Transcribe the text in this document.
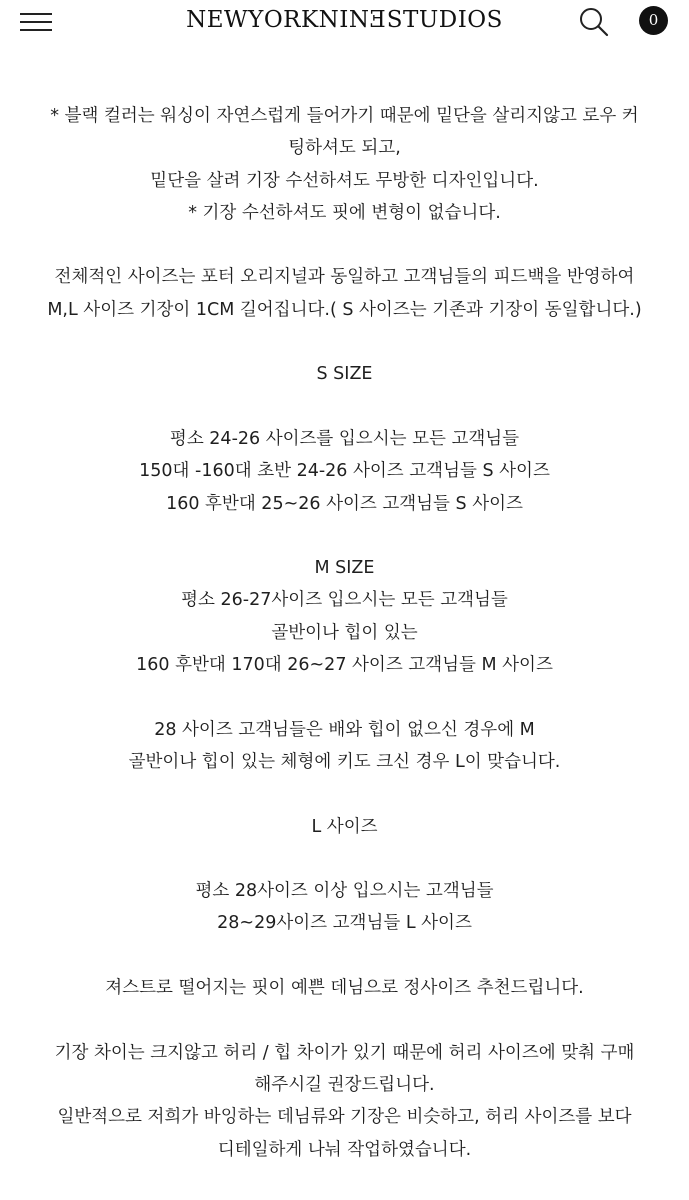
NEWYORKNINƎSTUDIOS	0
* 블랙 컬러는 워싱이 자연스럽게 들어가기 때문에 밑단을 살리지않고 로우 커
팅하셔도 되고,
밑단을 살려 기장 수선하셔도 무방한 디자인입니다.
* 기장 수선하셔도 핏에 변형이 없습니다.
전체적인 사이즈는 포터 오리지널과 동일하고 고객님들의 피드백을 반영하여
M,L 사이즈 기장이 1CM 길어집니다.( S 사이즈는 기존과 기장이 동일합니다.)
S SIZE
평소 24-26 사이즈를 입으시는 모든 고객님들
150대 -160대 초반 24-26 사이즈 고객님들 S 사이즈
160 후반대 25~26 사이즈 고객님들 S 사이즈
M SIZE
평소 26-27사이즈 입으시는 모든 고객님들
골반이나 힙이 있는
160 후반대 170대 26~27 사이즈 고객님들 M 사이즈
28 사이즈 고객님들은 배와 힙이 없으신 경우에 M
골반이나 힙이 있는 체형에 키도 크신 경우 L이 맞습니다.
L 사이즈
평소 28사이즈 이상 입으시는 고객님들
28~29사이즈 고객님들 L 사이즈
져스트로 떨어지는 핏이 예쁜 데님으로 정사이즈 추천드립니다.
기장 차이는 크지않고 허리 / 힙 차이가 있기 때문에 허리 사이즈에 맞춰 구매
해주시길 권장드립니다.
일반적으로 저희가 바잉하는 데님류와 기장은 비슷하고, 허리 사이즈를 보다
디테일하게 나눠 작업하였습니다.
